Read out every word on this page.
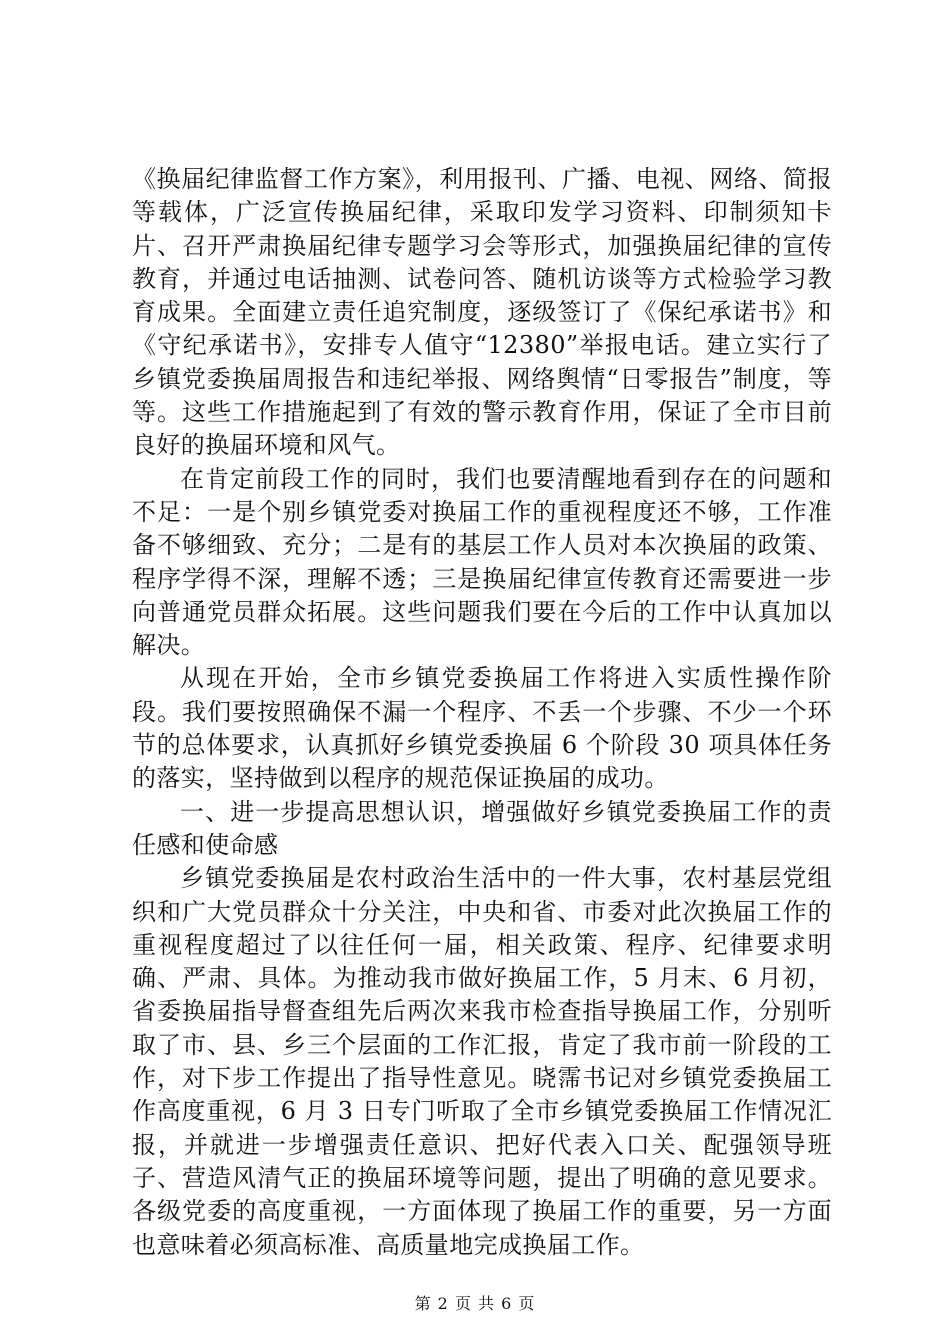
《换届纪律监督工作方案》，利用报刊、广播、电视、网络、简报等载体，广泛宣传换届纪律，采取印发学习资料、印制须知卡片、召开严肃换届纪律专题学习会等形式，加强换届纪律的宣传教育，并通过电话抽测、试卷问答、随机访谈等方式检验学习教育成果。全面建立责任追究制度，逐级签订了《保纪承诺书》和《守纪承诺书》，安排专人值守“12380”举报电话。建立实行了乡镇党委换届周报告和违纪举报、网络舆情“日零报告”制度，等等。这些工作措施起到了有效的警示教育作用，保证了全市目前良好的换届环境和风气。

在肯定前段工作的同时，我们也要清醒地看到存在的问题和不足：一是个别乡镇党委对换届工作的重视程度还不够，工作准备不够细致、充分；二是有的基层工作人员对本次换届的政策、程序学得不深，理解不透；三是换届纪律宣传教育还需要进一步向普通党员群众拓展。这些问题我们要在今后的工作中认真加以解决。

从现在开始，全市乡镇党委换届工作将进入实质性操作阶段。我们要按照确保不漏一个程序、不丢一个步骤、不少一个环节的总体要求，认真抓好乡镇党委换届 6 个阶段 30 项具体任务的落实，坚持做到以程序的规范保证换届的成功。

一、进一步提高思想认识，增强做好乡镇党委换届工作的责任感和使命感

乡镇党委换届是农村政治生活中的一件大事，农村基层党组织和广大党员群众十分关注，中央和省、市委对此次换届工作的重视程度超过了以往任何一届，相关政策、程序、纪律要求明确、严肃、具体。为推动我市做好换届工作，5 月末、6 月初，省委换届指导督查组先后两次来我市检查指导换届工作，分别听取了市、县、乡三个层面的工作汇报，肯定了我市前一阶段的工作，对下步工作提出了指导性意见。晓霈书记对乡镇党委换届工作高度重视，6 月 3 日专门听取了全市乡镇党委换届工作情况汇报，并就进一步增强责任意识、把好代表入口关、配强领导班子、营造风清气正的换届环境等问题，提出了明确的意见要求。各级党委的高度重视，一方面体现了换届工作的重要，另一方面也意味着必须高标准、高质量地完成换届工作。

第 2 页 共 6 页
